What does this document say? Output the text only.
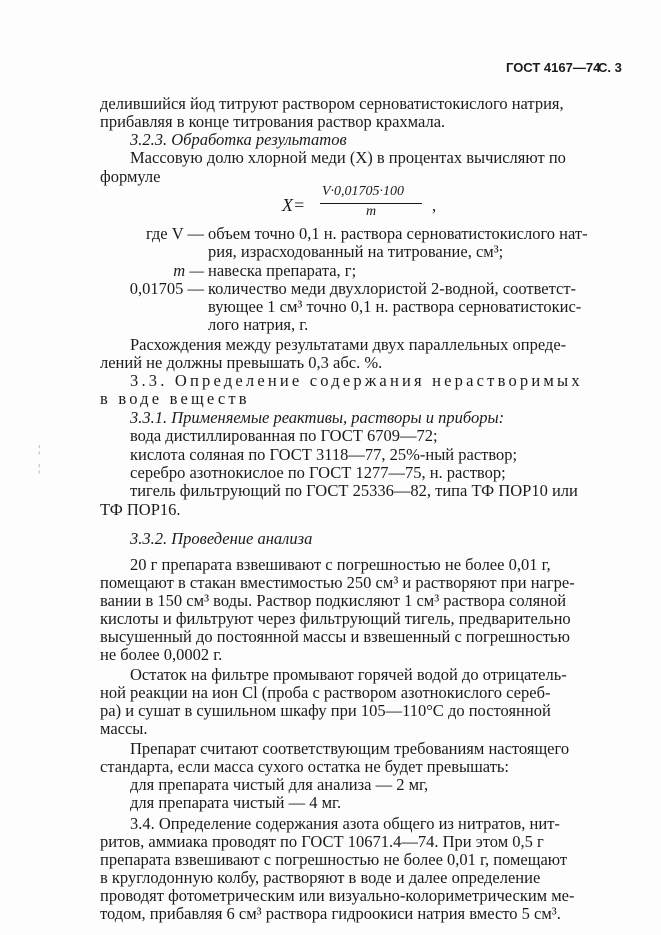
ГОСТ 4167—74
С. 3
делившийся йод титруют раствором серноватистокислого натрия,
прибавляя в конце титрования раствор крахмала.
3.2.3. Обработка результатов
Массовую долю хлорной меди (X) в процентах вычисляют по
формуле
X=
V·0,01705·100
m	,
где V — объем точно 0,1 н. раствора серноватистокислого нат-
рия, израсходованный на титрование, см³;
m — навеска препарата, г;
0,01705 — количество меди двухлористой 2-водной, соответст-
вующее 1 см³ точно 0,1 н. раствора серноватистокис-
лого натрия, г.
Расхождения между результатами двух параллельных опреде-
лений не должны превышать 0,3 абс. %.
3.3. Определение содержания нерастворимых
в воде веществ
3.3.1. Применяемые реактивы, растворы и приборы:
вода дистиллированная по ГОСТ 6709—72;
кислота соляная по ГОСТ 3118—77, 25%-ный раствор;
серебро азотнокислое по ГОСТ 1277—75, н. раствор;
тигель фильтрующий по ГОСТ 25336—82, типа ТФ ПОР10 или
ТФ ПОР16.
3.3.2. Проведение анализа
20 г препарата взвешивают с погрешностью не более 0,01 г,
помещают в стакан вместимостью 250 см³ и растворяют при нагре-
вании в 150 см³ воды. Раствор подкисляют 1 см³ раствора соляной
кислоты и фильтруют через фильтрующий тигель, предварительно
высушенный до постоянной массы и взвешенный с погрешностью
не более 0,0002 г.
Остаток на фильтре промывают горячей водой до отрицатель-
ной реакции на ион Cl (проба с раствором азотнокислого сереб-
ра) и сушат в сушильном шкафу при 105—110°С до постоянной
массы.
Препарат считают соответствующим требованиям настоящего
стандарта, если масса сухого остатка не будет превышать:
для препарата чистый для анализа — 2 мг,
для препарата чистый — 4 мг.
3.4. Определение содержания азота общего из нитратов, нит-
ритов, аммиака проводят по ГОСТ 10671.4—74. При этом 0,5 г
препарата взвешивают с погрешностью не более 0,01 г, помещают
в круглодонную колбу, растворяют в воде и далее определение
проводят фотометрическим или визуально-колориметрическим ме-
тодом, прибавляя 6 см³ раствора гидроокиси натрия вместо 5 см³.
¦
¦
